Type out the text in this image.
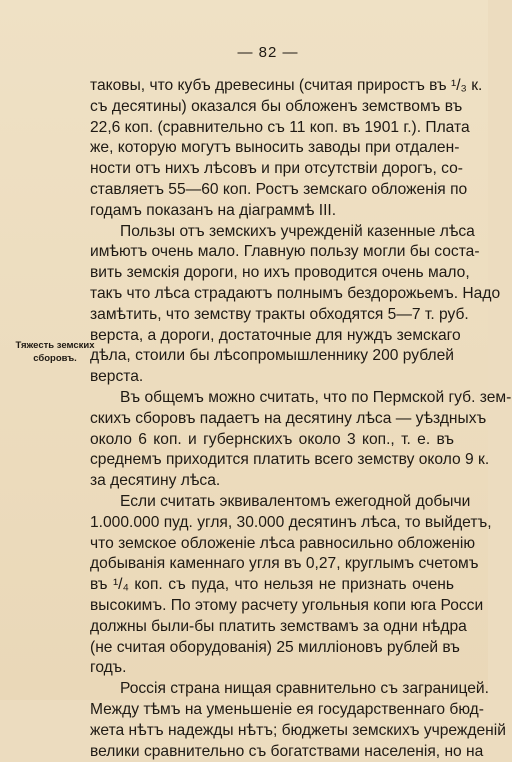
— 82 —
Тяжесть земских сборовъ.
таковы, что кубъ древесины (считая приростъ въ ¹/₃ к.
съ десятины) оказался бы обложенъ земствомъ въ
22,6 коп. (сравнительно съ 11 коп. въ 1901 г.). Плата
же, которую могутъ выносить заводы при отдален-
ности отъ нихъ лѣсовъ и при отсутствіи дорогъ, со-
ставляетъ 55—60 коп. Ростъ земскаго обложенія по
годамъ показанъ на діаграммѣ III.
Пользы отъ земскихъ учрежденій казенные лѣса
имѣютъ очень мало. Главную пользу могли бы соста-
вить земскія дороги, но ихъ проводится очень мало,
такъ что лѣса страдаютъ полнымъ бездорожьемъ. Надо
замѣтить, что земству тракты обходятся 5—7 т. руб.
верста, а дороги, достаточные для нуждъ земскаго
дѣла, стоили бы лѣсопромышленнику 200 рублей
верста.
Въ общемъ можно считать, что по Пермской губ. зем-
скихъ сборовъ падаетъ на десятину лѣса — уѣздныхъ
около 6 коп. и губернскихъ около 3 коп., т. е. въ
среднемъ приходится платить всего земству около 9 к.
за десятину лѣса.
Если считать эквивалентомъ ежегодной добычи
1.000.000 пуд. угля, 30.000 десятинъ лѣса, то выйдетъ,
что земское обложеніе лѣса равносильно обложенію
добыванія каменнаго угля въ 0,27, круглымъ счетомъ
въ ¹/₄ коп. съ пуда, что нельзя не признать очень
высокимъ. По этому расчету угольныя копи юга Росси
должны были-бы платить земствамъ за одни нѣдра
(не считая оборудованія) 25 милліоновъ рублей въ
годъ.
Россія страна нищая сравнительно съ заграницей.
Между тѣмъ на уменьшеніе ея государственнаго бюд-
жета нѣтъ надежды нѣтъ; бюджеты земскихъ учрежденій
велики сравнительно съ богатствами населенія, но на
